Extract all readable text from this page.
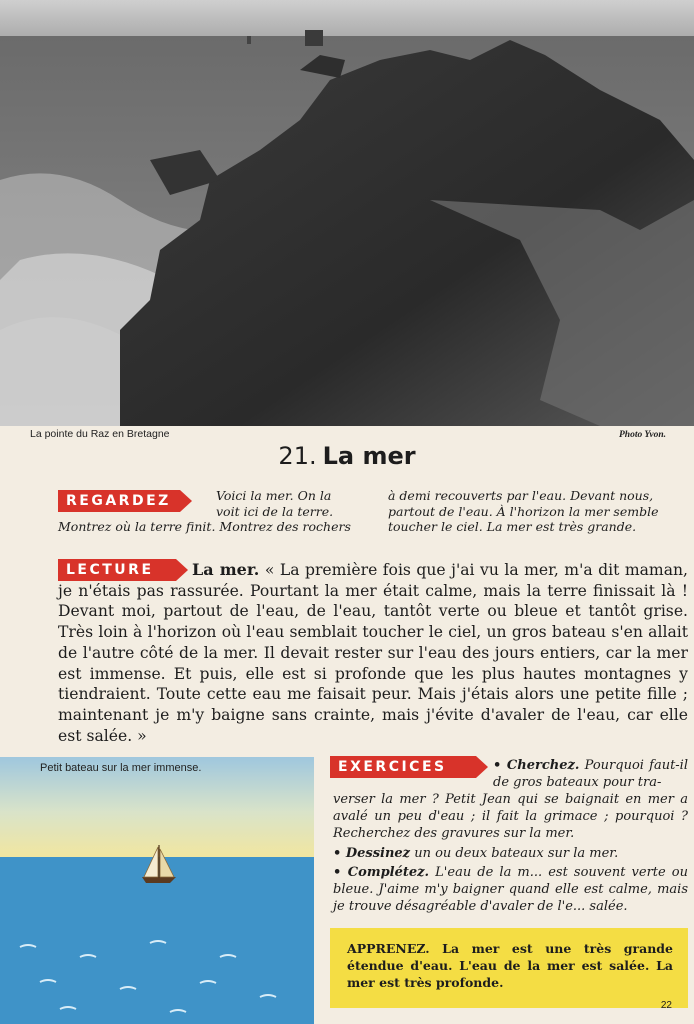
La pointe du Raz en Bretagne	Photo Yvon.
21. La mer
REGARDEZ	Voici la mer. On la voit ici de la terre.
Montrez où la terre finit. Montrez des rochers
à demi recouverts par l'eau. Devant nous, partout de l'eau. À l'horizon la mer semble toucher le ciel. La mer est très grande.
LECTURE	La mer. « La première fois que j'ai vu la mer, m'a dit maman, je n'étais pas rassurée. Pourtant la mer était calme, mais la terre finissait là ! Devant moi, partout de l'eau, de l'eau, tantôt verte ou bleue et tantôt grise. Très loin à l'horizon où l'eau semblait toucher le ciel, un gros bateau s'en allait de l'autre côté de la mer. Il devait rester sur l'eau des jours entiers, car la mer est immense. Et puis, elle est si profonde que les plus hautes montagnes y tiendraient. Toute cette eau me faisait peur. Mais j'étais alors une petite fille ; maintenant je m'y baigne sans crainte, mais j'évite d'avaler de l'eau, car elle est salée. »
Petit bateau sur la mer immense.	EXERCICES	• Cherchez. Pourquoi faut-il de gros bateaux pour tra-
verser la mer ? Petit Jean qui se baignait en mer a avalé un peu d'eau ; il fait la grimace ; pourquoi ? Recherchez des gravures sur la mer.
• Dessinez un ou deux bateaux sur la mer.
• Complétez. L'eau de la m... est souvent verte ou bleue. J'aime m'y baigner quand elle est calme, mais je trouve désagréable d'avaler de l'e... salée.
APPRENEZ. La mer est une très grande étendue d'eau. L'eau de la mer est salée. La mer est très profonde.
22
